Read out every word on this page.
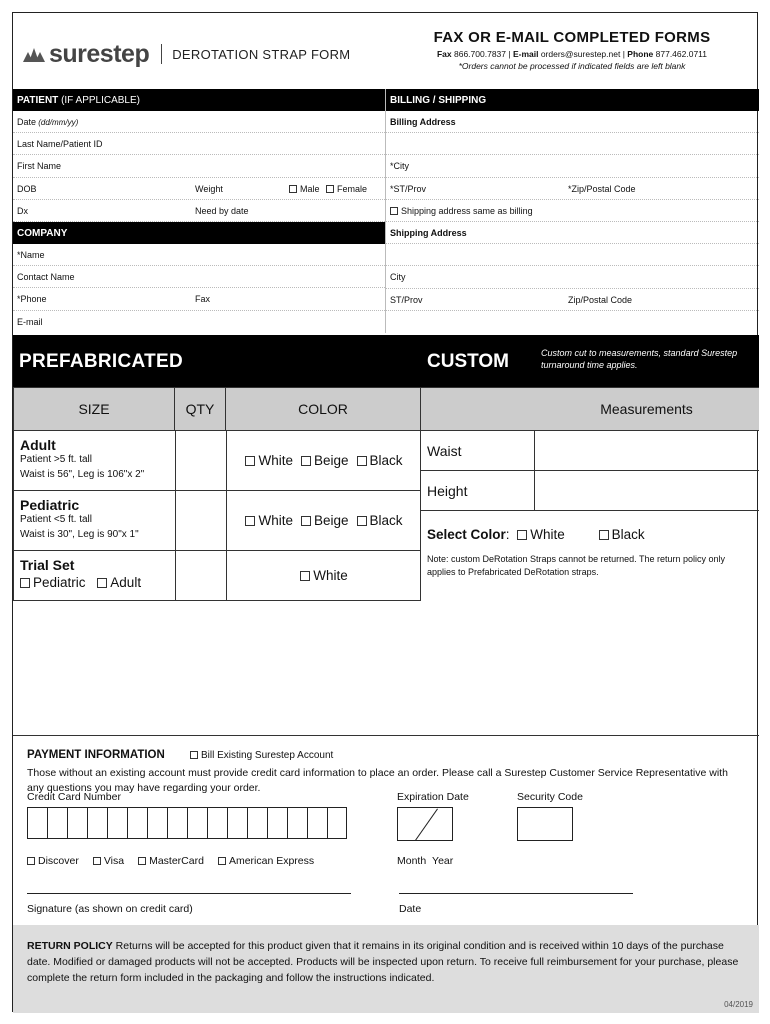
surestep DEROTATION STRAP FORM
FAX OR E-MAIL COMPLETED FORMS
Fax 866.700.7837 | E-mail orders@surestep.net | Phone 877.462.0711
*Orders cannot be processed if indicated fields are left blank
PATIENT (IF APPLICABLE)
Date (dd/mm/yy)
Last Name/Patient ID
First Name
DOB	Weight	Male Female
Dx	Need by date
COMPANY
*Name
Contact Name
*Phone	Fax
E-mail
BILLING / SHIPPING
Billing Address
*City
*ST/Prov	*Zip/Postal Code
Shipping address same as billing
Shipping Address
City
ST/Prov	Zip/Postal Code
PREFABRICATED	CUSTOM	Custom cut to measurements, standard Surestep turnaround time applies.
SIZE	QTY	COLOR
Adult
Patient >5 ft. tall
Waist is 56", Leg is 106"x 2"
White	Beige	Black
Pediatric
Patient <5 ft. tall
Waist is 30", Leg is 90"x 1"
White	Beige	Black
Trial Set
Pediatric Adult	White
Measurements
Waist
Height
Select Color: White	Black
Note: custom DeRotation Straps cannot be returned. The return policy only applies to Prefabricated DeRotation straps.
PAYMENT INFORMATION	Bill Existing Surestep Account
Those without an existing account must provide credit card information to place an order. Please call a Surestep Customer Service Representative with any questions you may have regarding your order.
Credit Card Number	Expiration Date	Security Code
Discover	Visa	MasterCard	American Express	Month Year
Signature (as shown on credit card)	Date
RETURN POLICY Returns will be accepted for this product given that it remains in its original condition and is received within 10 days of the purchase date. Modified or damaged products will not be accepted. Products will be inspected upon return. To receive full reimbursement for your purchase, please complete the return form included in the packaging and follow the instructions indicated.
04/2019
